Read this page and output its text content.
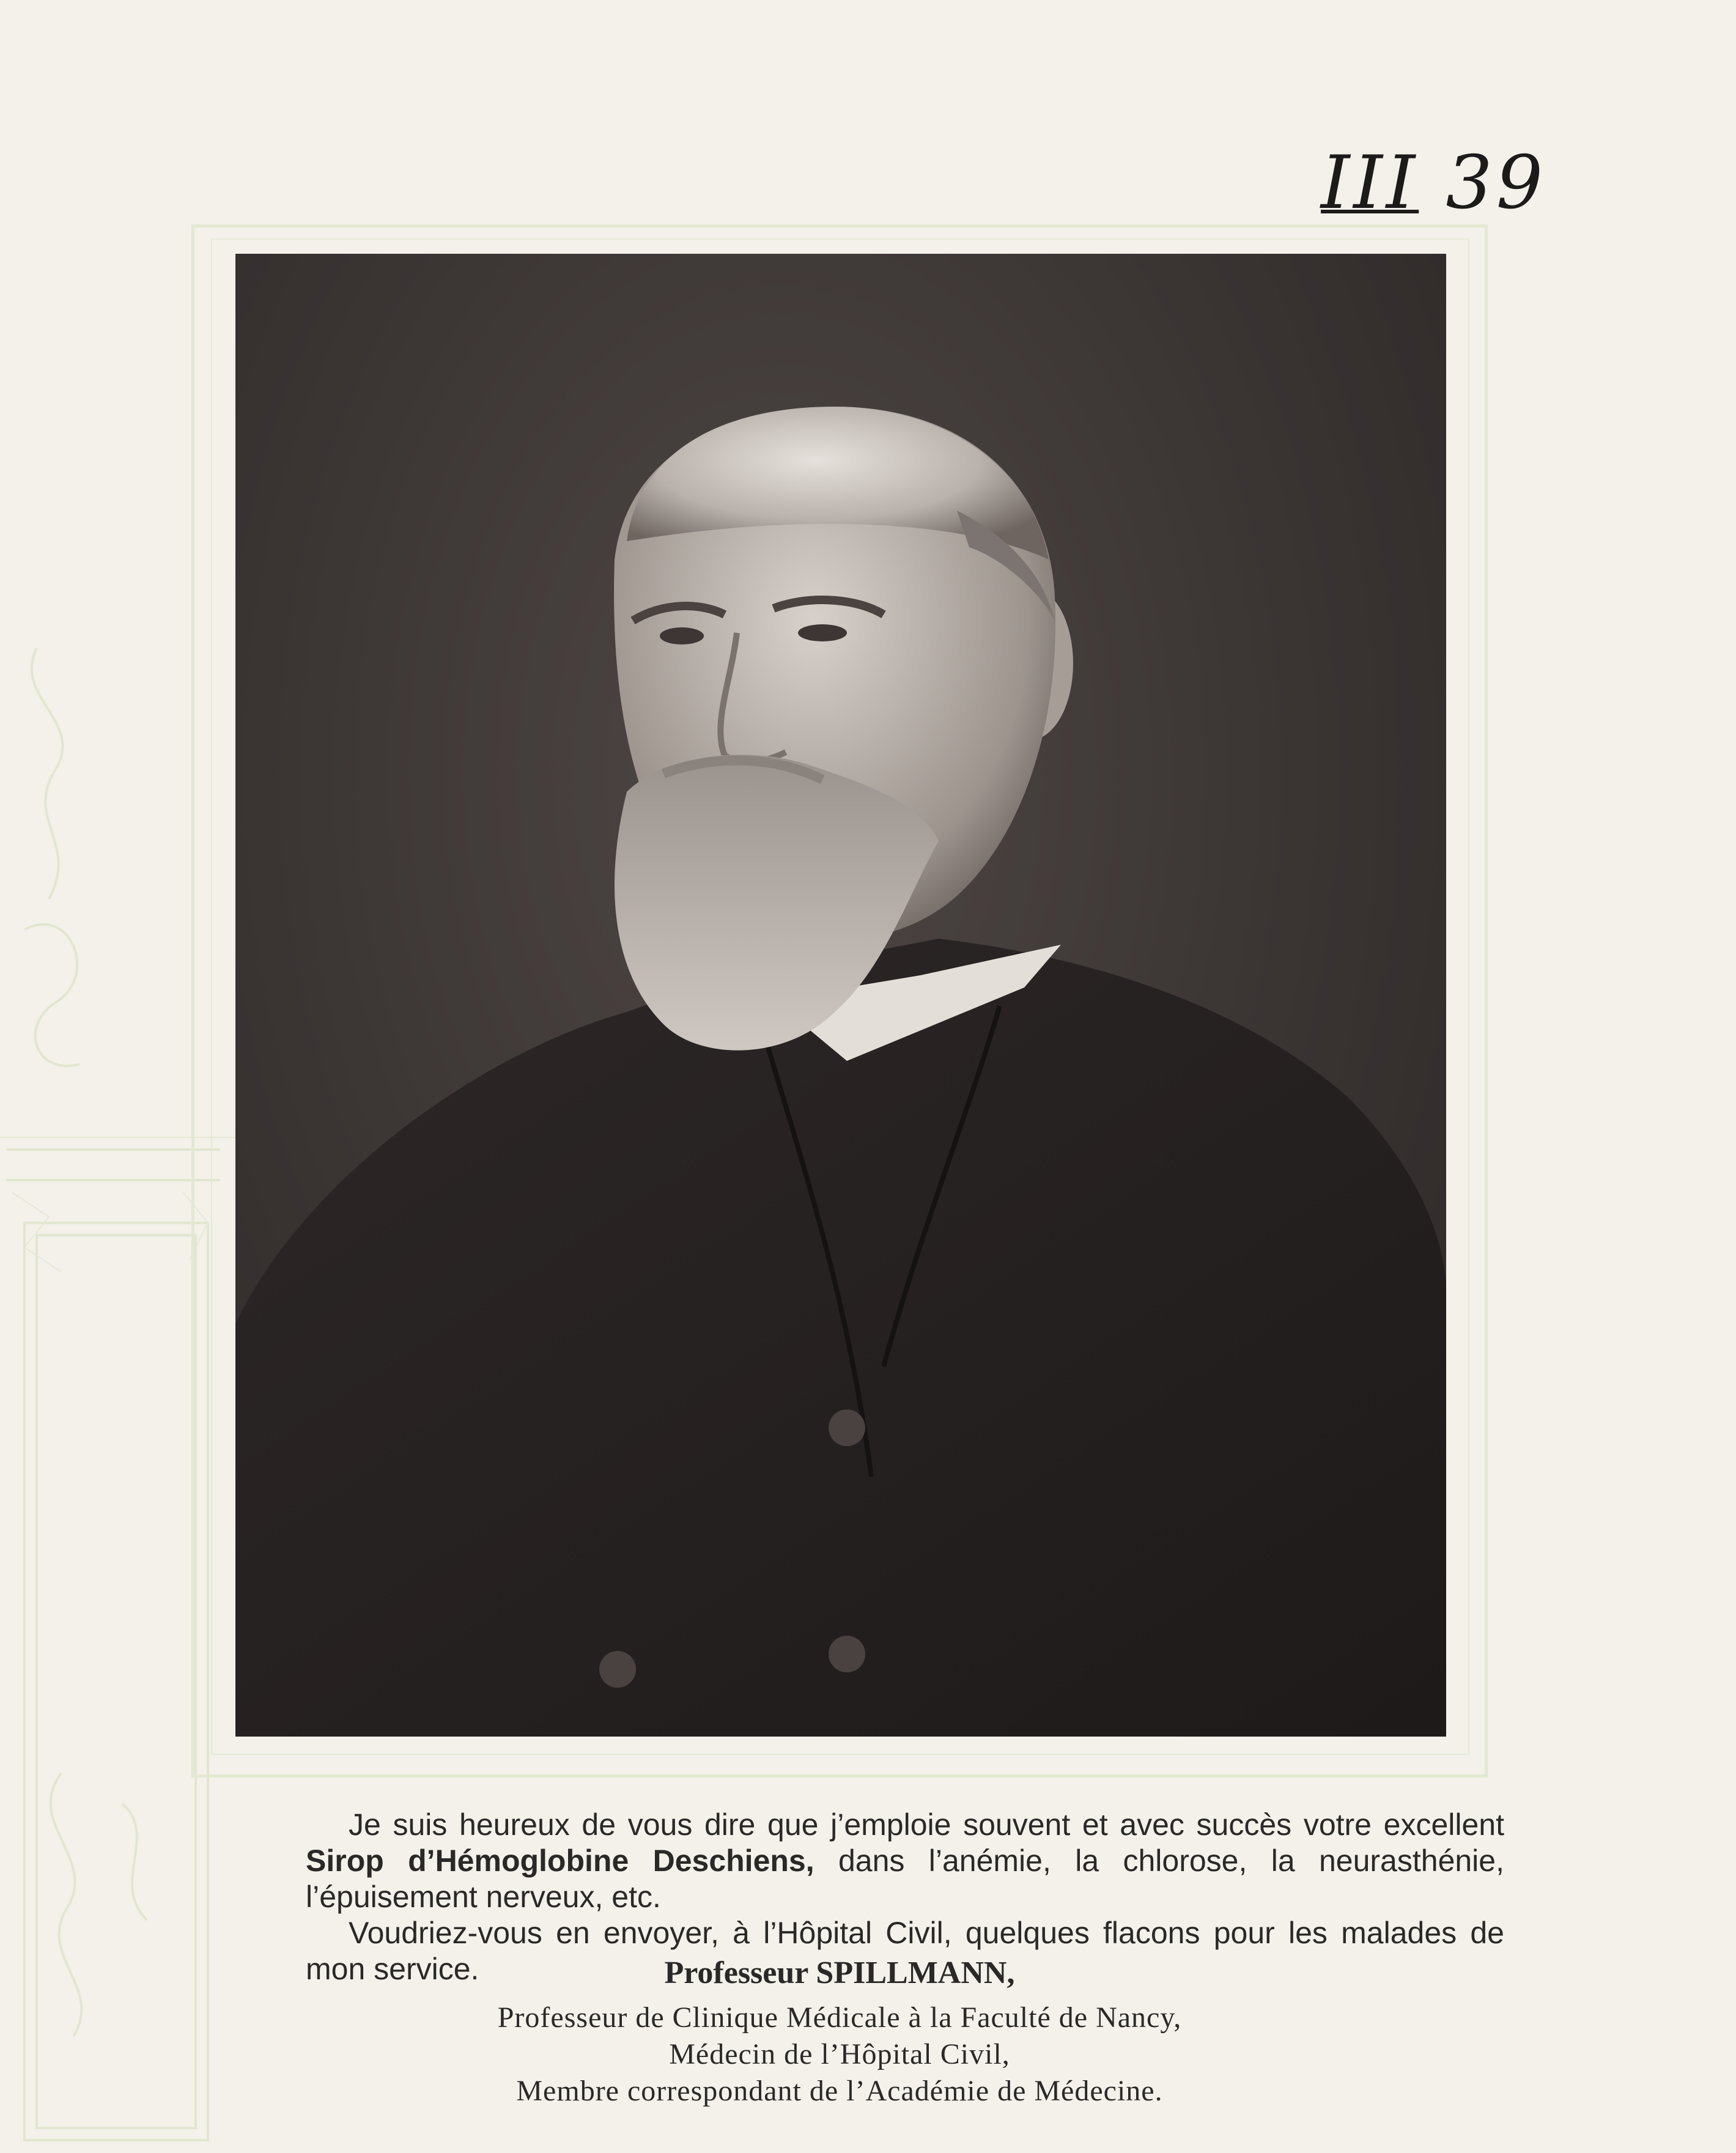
III 39

Je suis heureux de vous dire que j’emploie souvent et avec succès votre excellent Sirop d’Hémoglobine Deschiens, dans l’anémie, la chlorose, la neurasthénie, l’épuisement nerveux, etc.

Voudriez-vous en envoyer, à l’Hôpital Civil, quelques flacons pour les malades de mon service.	Professeur SPILLMANN,
Professeur de Clinique Médicale à la Faculté de Nancy,
Médecin de l’Hôpital Civil,
Membre correspondant de l’Académie de Médecine.
